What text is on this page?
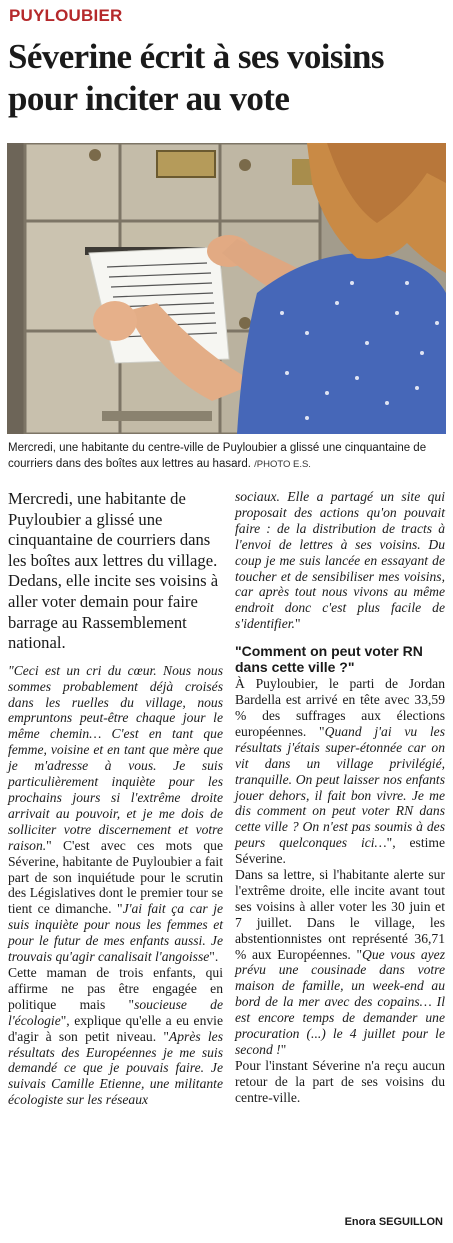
PUYLOUBIER
Séverine écrit à ses voisins pour inciter au vote
Mercredi, une habitante du centre-ville de Puyloubier a glissé une cinquantaine de courriers dans des boîtes aux lettres au hasard. /PHOTO E.S.

Mercredi, une habitante de Puyloubier a glissé une cinquantaine de courriers dans les boîtes aux lettres du village. Dedans, elle incite ses voisins à aller voter demain pour faire barrage au Rassemblement national.

"Ceci est un cri du cœur. Nous nous sommes probablement déjà croisés dans les ruelles du village, nous empruntons peut-être chaque jour le même chemin… C'est en tant que femme, voisine et en tant que mère que je m'adresse à vous. Je suis particulièrement inquiète pour les prochains jours si l'extrême droite arrivait au pouvoir, et je me dois de solliciter votre discernement et votre raison." C'est avec ces mots que Séverine, habitante de Puyloubier a fait part de son inquiétude pour le scrutin des Législatives dont le premier tour se tient ce dimanche. "J'ai fait ça car je suis inquiète pour nous les femmes et pour le futur de mes enfants aussi. Je trouvais qu'agir canalisait l'angoisse".

Cette maman de trois enfants, qui affirme ne pas être engagée en politique mais "soucieuse de l'écologie", explique qu'elle a eu envie d'agir à son petit niveau. "Après les résultats des Européennes je me suis demandé ce que je pouvais faire. Je suivais Camille Etienne, une militante écologiste sur les réseaux

sociaux. Elle a partagé un site qui proposait des actions qu'on pouvait faire : de la distribution de tracts à l'envoi de lettres à ses voisins. Du coup je me suis lancée en essayant de toucher et de sensibiliser mes voisins, car après tout nous vivons au même endroit donc c'est plus facile de s'identifier."

"Comment on peut voter RN dans cette ville ?"

À Puyloubier, le parti de Jordan Bardella est arrivé en tête avec 33,59 % des suffrages aux élections européennes. "Quand j'ai vu les résultats j'étais super-étonnée car on vit dans un village privilégié, tranquille. On peut laisser nos enfants jouer dehors, il fait bon vivre. Je me dis comment on peut voter RN dans cette ville ? On n'est pas soumis à des peurs quelconques ici…", estime Séverine.

Dans sa lettre, si l'habitante alerte sur l'extrême droite, elle incite avant tout ses voisins à aller voter les 30 juin et 7 juillet. Dans le village, les abstentionnistes ont représenté 36,71 % aux Européennes. "Que vous ayez prévu une cousinade dans votre maison de famille, un week-end au bord de la mer avec des copains… Il est encore temps de demander une procuration (...) le 4 juillet pour le second !"

Pour l'instant Séverine n'a reçu aucun retour de la part de ses voisins du centre-ville.

Enora SEGUILLON
